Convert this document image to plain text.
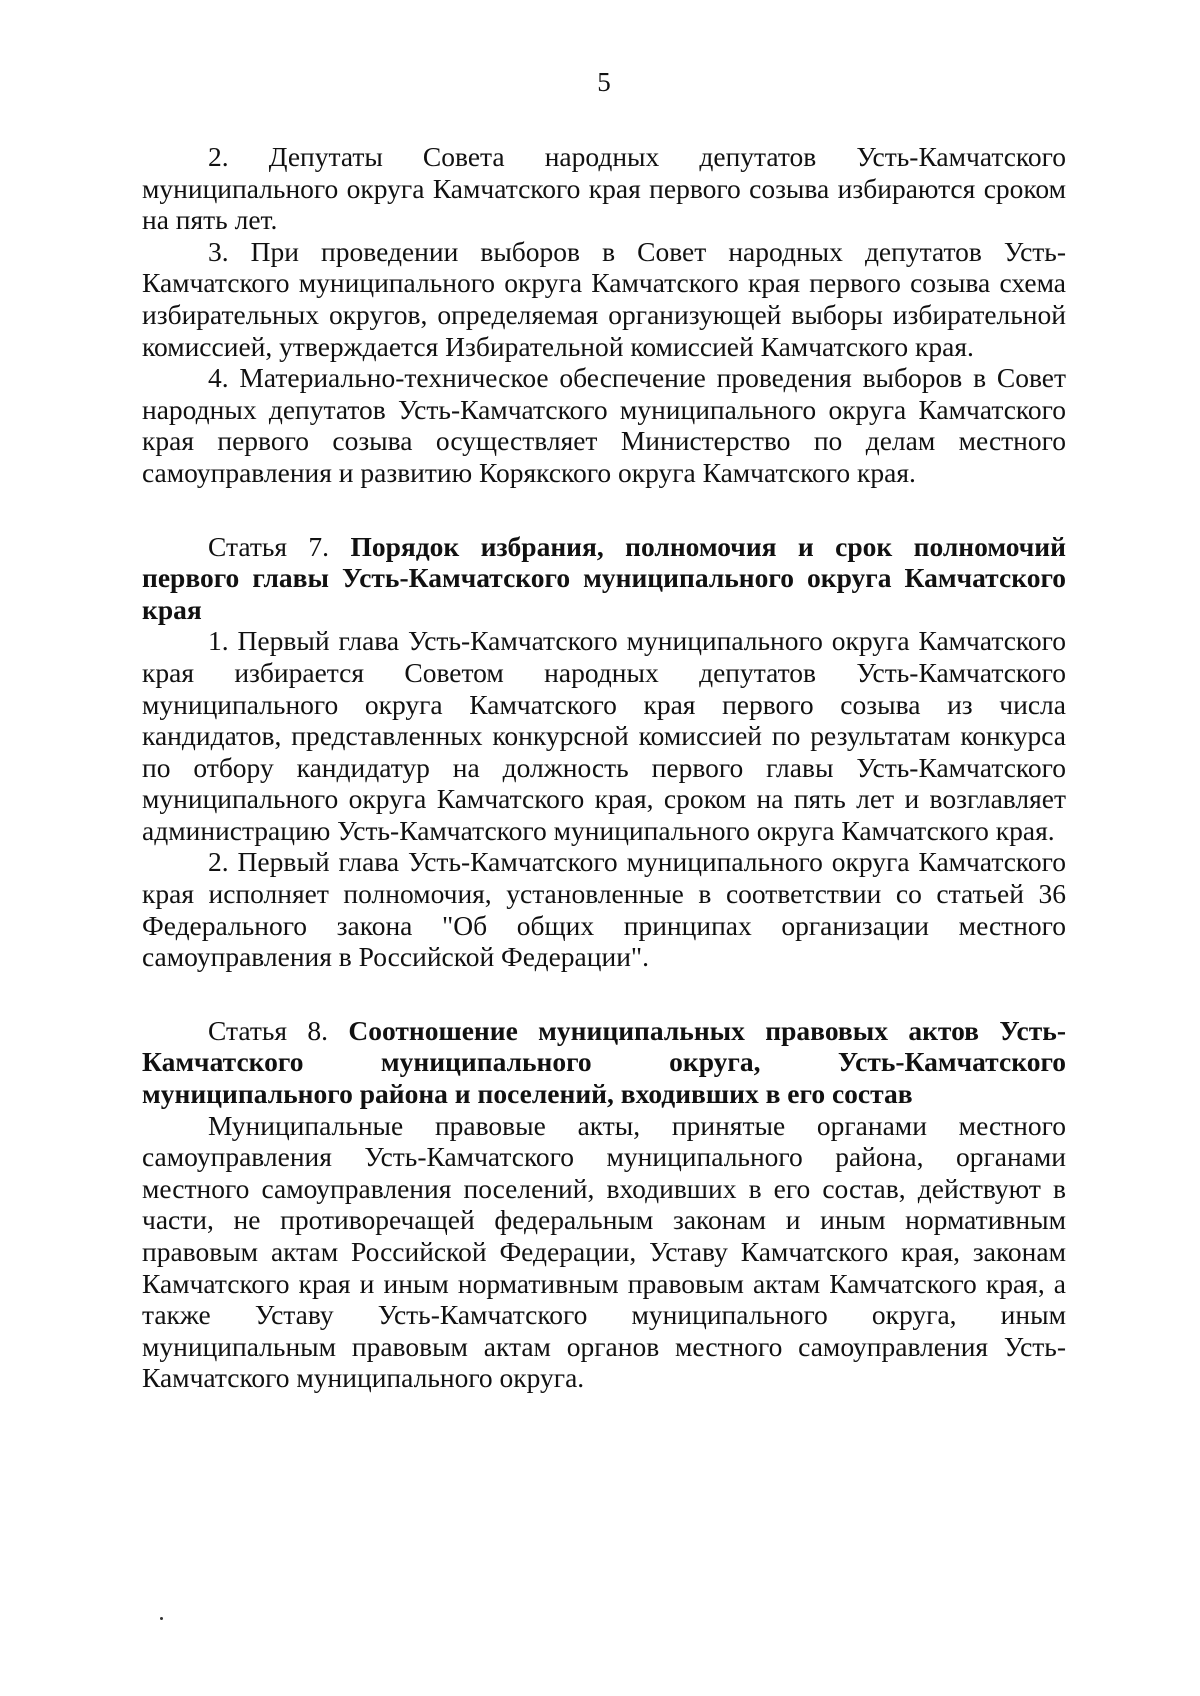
5

2. Депутаты Совета народных депутатов Усть-Камчатского муниципального округа Камчатского края первого созыва избираются сроком на пять лет.

3. При проведении выборов в Совет народных депутатов Усть-Камчатского муниципального округа Камчатского края первого созыва схема избирательных округов, определяемая организующей выборы избирательной комиссией, утверждается Избирательной комиссией Камчатского края.

4. Материально-техническое обеспечение проведения выборов в Совет народных депутатов Усть-Камчатского муниципального округа Камчатского края первого созыва осуществляет Министерство по делам местного самоуправления и развитию Корякского округа Камчатского края.

Статья 7. Порядок избрания, полномочия и срок полномочий первого главы Усть-Камчатского муниципального округа Камчатского края

1. Первый глава Усть-Камчатского муниципального округа Камчатского края избирается Советом народных депутатов Усть-Камчатского муниципального округа Камчатского края первого созыва из числа кандидатов, представленных конкурсной комиссией по результатам конкурса по отбору кандидатур на должность первого главы Усть-Камчатского муниципального округа Камчатского края, сроком на пять лет и возглавляет администрацию Усть-Камчатского муниципального округа Камчатского края.

2. Первый глава Усть-Камчатского муниципального округа Камчатского края исполняет полномочия, установленные в соответствии со статьей 36 Федерального закона "Об общих принципах организации местного самоуправления в Российской Федерации".

Статья 8. Соотношение муниципальных правовых актов Усть-Камчатского муниципального округа, Усть-Камчатского муниципального района и поселений, входивших в его состав

Муниципальные правовые акты, принятые органами местного самоуправления Усть-Камчатского муниципального района, органами местного самоуправления поселений, входивших в его состав, действуют в части, не противоречащей федеральным законам и иным нормативным правовым актам Российской Федерации, Уставу Камчатского края, законам Камчатского края и иным нормативным правовым актам Камчатского края, а также Уставу Усть-Камчатского муниципального округа, иным муниципальным правовым актам органов местного самоуправления Усть-Камчатского муниципального округа.
